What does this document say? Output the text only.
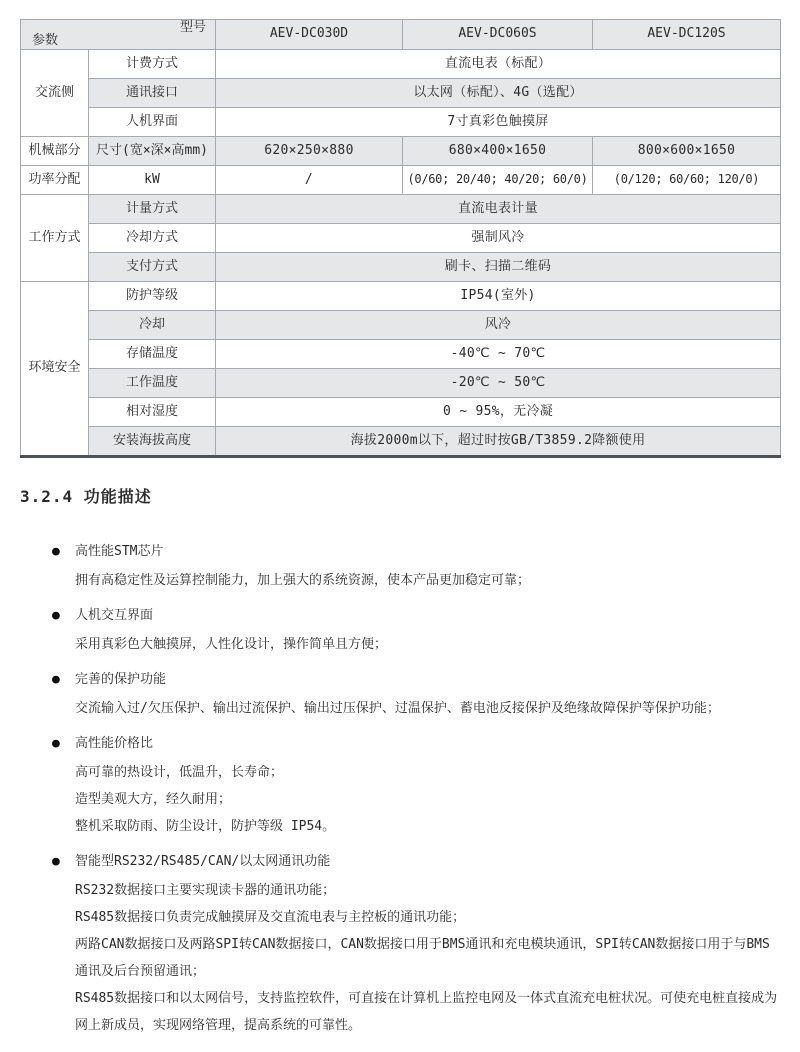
型号
参数		AEV-DC030D	AEV-DC060S	AEV-DC120S
交流侧	计费方式	直流电表（标配）		
	通讯接口	以太网（标配）、4G（选配）		
	人机界面	7寸真彩色触摸屏		
机械部分	尺寸(宽×深×高mm)	620×250×880	680×400×1650	800×600×1650
功率分配	kW	/	(0/60; 20/40; 40/20; 60/0)	(0/120; 60/60; 120/0)
工作方式	计量方式	直流电表计量		
	冷却方式	强制风冷		
	支付方式	刷卡、扫描二维码		
环境安全	防护等级	IP54(室外)		
	冷却	风冷		
	存储温度	-40℃ ~ 70℃		
	工作温度	-20℃ ~ 50℃		
	相对湿度	0 ~ 95%，无冷凝		
	安装海拔高度	海拔2000m以下，超过时按GB/T3859.2降额使用		
3.2.4 功能描述
● 高性能STM芯片

拥有高稳定性及运算控制能力，加上强大的系统资源，使本产品更加稳定可靠；

● 人机交互界面

采用真彩色大触摸屏，人性化设计，操作简单且方便；

● 完善的保护功能

交流输入过/欠压保护、输出过流保护、输出过压保护、过温保护、蓄电池反接保护及绝缘故障保护等保护功能；

● 高性能价格比

高可靠的热设计，低温升，长寿命；

造型美观大方，经久耐用；

整机采取防雨、防尘设计，防护等级 IP54。

● 智能型RS232/RS485/CAN/以太网通讯功能

RS232数据接口主要实现读卡器的通讯功能；

RS485数据接口负责完成触摸屏及交直流电表与主控板的通讯功能；

两路CAN数据接口及两路SPI转CAN数据接口，CAN数据接口用于BMS通讯和充电模块通讯，SPI转CAN数据接口用于与BMS通讯及后台预留通讯；

RS485数据接口和以太网信号，支持监控软件，可直接在计算机上监控电网及一体式直流充电桩状况。可使充电桩直接成为网上新成员，实现网络管理，提高系统的可靠性。
